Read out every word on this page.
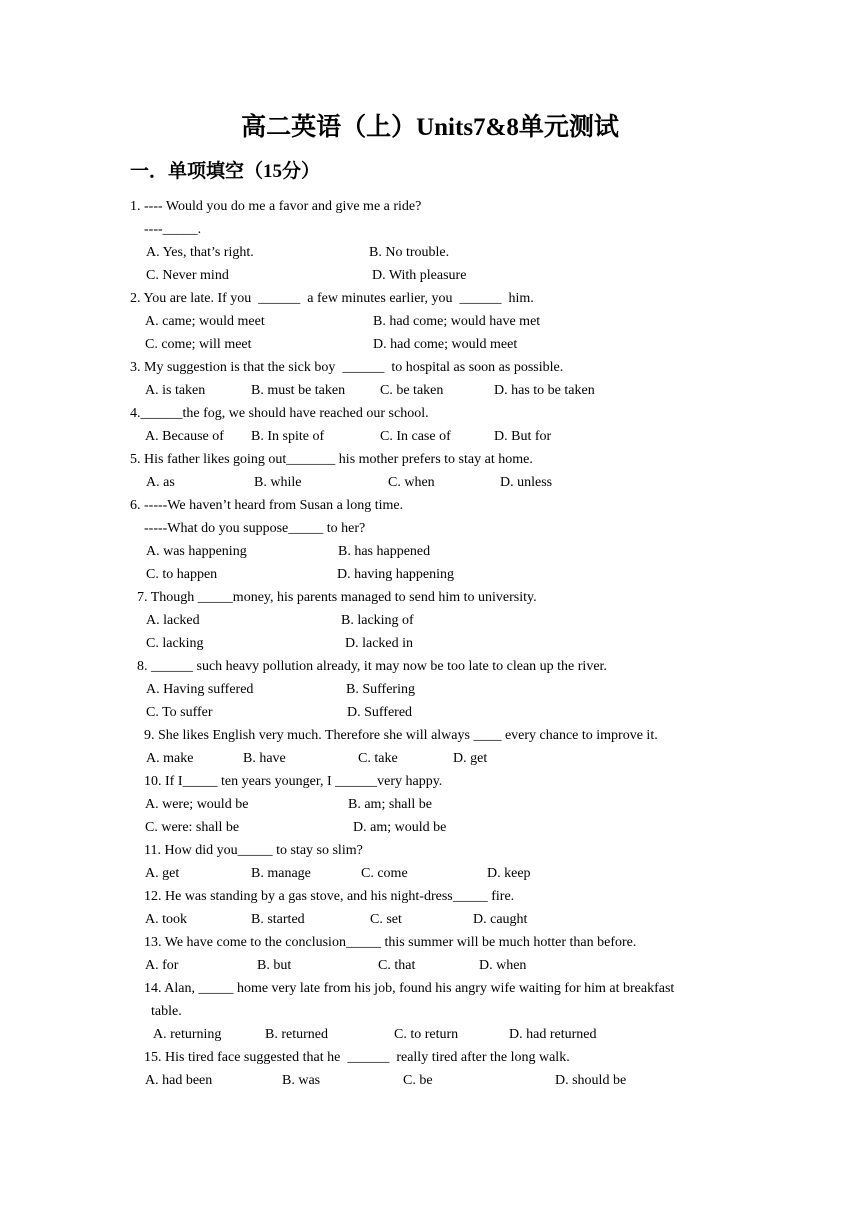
高二英语（上）Units7&8单元测试
一．单项填空（15分）
1. ---- Would you do me a favor and give me a ride?
----_____.
A. Yes, that’s right.	B. No trouble.
C. Never mind	D. With pleasure
2. You are late. If you  ______  a few minutes earlier, you  ______  him.
A. came; would meet	B. had come; would have met
C. come; will meet	D. had come; would meet
3. My suggestion is that the sick boy  ______  to hospital as soon as possible.
A. is taken	B. must be taken C. be taken	D. has to be taken
4.______the fog, we should have reached our school.
A. Because of B. In spite of	C. In case of	D. But for
5. His father likes going out_______ his mother prefers to stay at home.
A. as	B. while	C. when	D. unless
6. -----We haven’t heard from Susan a long time.
-----What do you suppose_____ to her?
A. was happening	B. has happened
C. to happen	D. having happening
7. Though _____money, his parents managed to send him to university.
A. lacked	B. lacking of
C. lacking	D. lacked in
8. ______ such heavy pollution already, it may now be too late to clean up the river.
A. Having suffered	B. Suffering
C. To suffer	D. Suffered
9. She likes English very much. Therefore she will always ____ every chance to improve it.
A. make	B. have	C. take	D. get
10. If I_____ ten years younger, I ______very happy.
A. were; would be	B. am; shall be
C. were: shall be	D. am; would be
11. How did you_____ to stay so slim?
A. get	B. manage	C. come	D. keep
12. He was standing by a gas stove, and his night-dress_____ fire.
A. took	B. started	C. set	D. caught
13. We have come to the conclusion_____ this summer will be much hotter than before.
A. for	B. but	C. that	D. when
14. Alan, _____ home very late from his job, found his angry wife waiting for him at breakfast
table.
A. returning	B. returned	C. to return	D. had returned
15. His tired face suggested that he  ______  really tired after the long walk.
A. had been	B. was	C. be	D. should be
